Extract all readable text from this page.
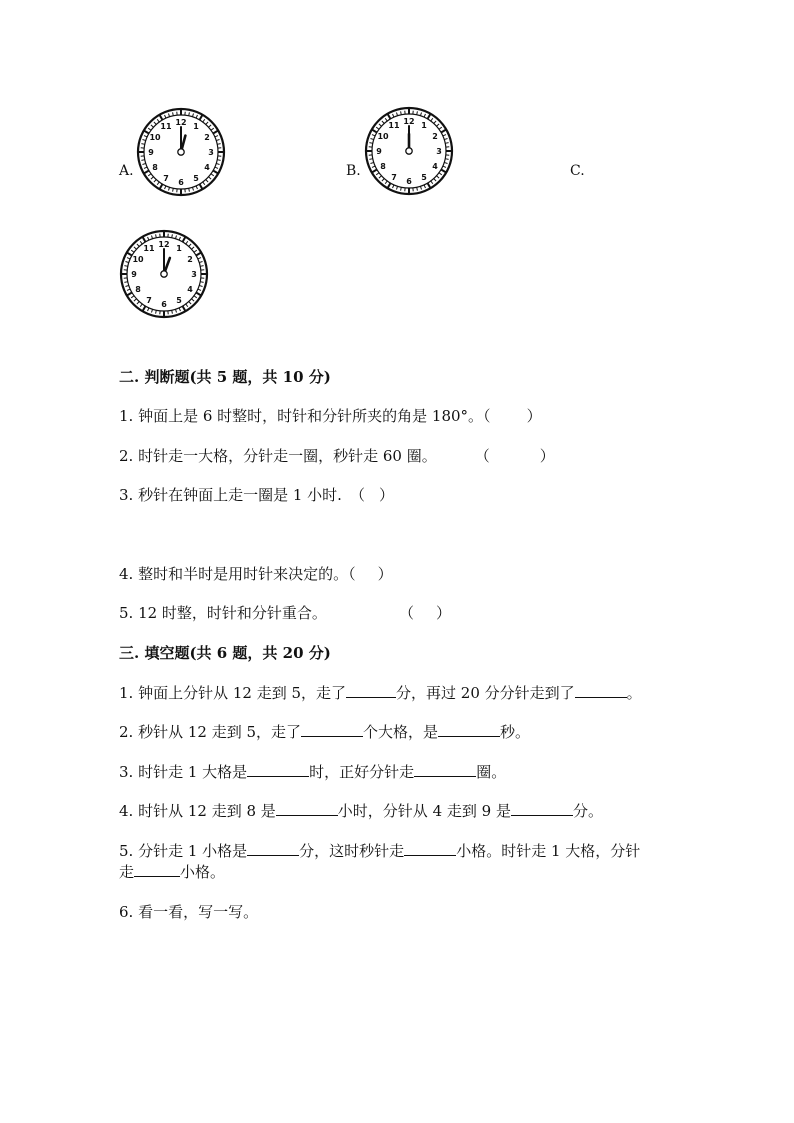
A.	B.	C.
12 1
2
3
4
5
6
7
8
9
10
11
12 1
2
3
4
5
6
7
8
9
10
11
12 1
2
3
4
5
6
7
8
9
10
11
二. 判断题(共 5 题，共 10 分)
1. 钟面上是 6 时整时，时针和分针所夹的角是 180°。（ ）
2. 时针走一大格，分针走一圈，秒针走 60 圈。	（	）
3. 秒针在钟面上走一圈是 1 小时. （ ）
4. 整时和半时是用时针来决定的。（ ）
5. 12 时整，时针和分针重合。	（ ）
三. 填空题(共 6 题，共 20 分)
1. 钟面上分针从 12 走到 5，走了	分，再过 20 分分针走到了	。
2. 秒针从 12 走到 5，走了	个大格，是	秒。
3. 时针走 1 大格是	时，正好分针走	圈。
4. 时针从 12 走到 8 是	小时，分针从 4 走到 9 是	分。
5. 分针走 1 小格是	分，这时秒针走	小格。时针走 1 大格，分针
走	小格。
6. 看一看，写一写。
